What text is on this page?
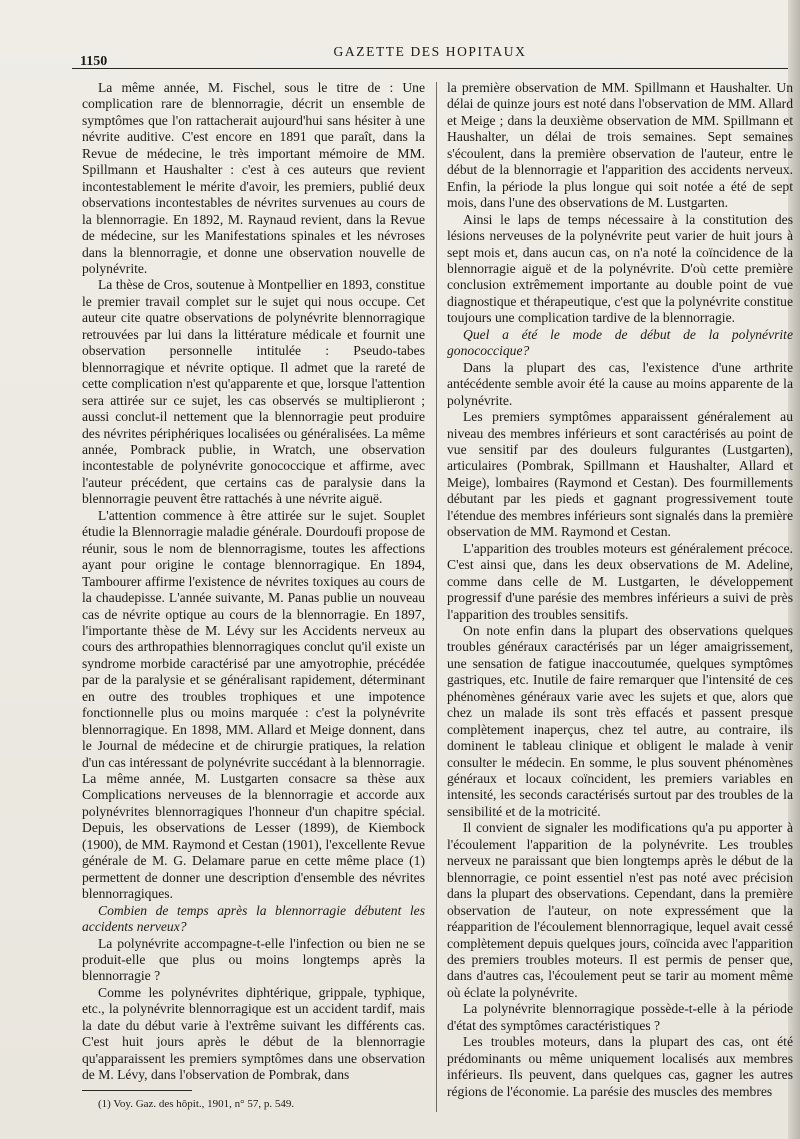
1150
GAZETTE DES HOPITAUX

La même année, M. Fischel, sous le titre de : Une complication rare de blennorragie, décrit un ensemble de symptômes que l'on rattacherait aujourd'hui sans hésiter à une névrite auditive. C'est encore en 1891 que paraît, dans la Revue de médecine, le très important mémoire de MM. Spillmann et Haushalter : c'est à ces auteurs que revient incontestablement le mérite d'avoir, les premiers, publié deux observations incontestables de névrites survenues au cours de la blennorragie. En 1892, M. Raynaud revient, dans la Revue de médecine, sur les Manifestations spinales et les névroses dans la blennorragie, et donne une observation nouvelle de polynévrite.

La thèse de Cros, soutenue à Montpellier en 1893, constitue le premier travail complet sur le sujet qui nous occupe. Cet auteur cite quatre observations de polynévrite blennorragique retrouvées par lui dans la littérature médicale et fournit une observation personnelle intitulée : Pseudo-tabes blennorragique et névrite optique. Il admet que la rareté de cette complication n'est qu'apparente et que, lorsque l'attention sera attirée sur ce sujet, les cas observés se multiplieront ; aussi conclut-il nettement que la blennorragie peut produire des névrites périphériques localisées ou généralisées. La même année, Pombrack publie, in Wratch, une observation incontestable de polynévrite gonococcique et affirme, avec l'auteur précédent, que certains cas de paralysie dans la blennorragie peuvent être rattachés à une névrite aiguë.

L'attention commence à être attirée sur le sujet. Souplet étudie la Blennorragie maladie générale. Dourdoufi propose de réunir, sous le nom de blennorragisme, toutes les affections ayant pour origine le contage blennorragique. En 1894, Tambourer affirme l'existence de névrites toxiques au cours de la chaudepisse. L'année suivante, M. Panas publie un nouveau cas de névrite optique au cours de la blennorragie. En 1897, l'importante thèse de M. Lévy sur les Accidents nerveux au cours des arthropathies blennorragiques conclut qu'il existe un syndrome morbide caractérisé par une amyotrophie, précédée par de la paralysie et se généralisant rapidement, déterminant en outre des troubles trophiques et une impotence fonctionnelle plus ou moins marquée : c'est la polynévrite blennorragique. En 1898, MM. Allard et Meige donnent, dans le Journal de médecine et de chirurgie pratiques, la relation d'un cas intéressant de polynévrite succédant à la blennorragie. La même année, M. Lustgarten consacre sa thèse aux Complications nerveuses de la blennorragie et accorde aux polynévrites blennorragiques l'honneur d'un chapitre spécial. Depuis, les observations de Lesser (1899), de Kiembock (1900), de MM. Raymond et Cestan (1901), l'excellente Revue générale de M. G. Delamare parue en cette même place (1) permettent de donner une description d'ensemble des névrites blennorragiques.

Combien de temps après la blennorragie débutent les accidents nerveux?

La polynévrite accompagne-t-elle l'infection ou bien ne se produit-elle que plus ou moins longtemps après la blennorragie ?

Comme les polynévrites diphtérique, grippale, typhique, etc., la polynévrite blennorragique est un accident tardif, mais la date du début varie à l'extrême suivant les différents cas. C'est huit jours après le début de la blennorragie qu'apparaissent les premiers symptômes dans une observation de M. Lévy, dans l'observation de Pombrak, dans

(1) Voy. Gaz. des hôpit., 1901, n° 57, p. 549.

la première observation de MM. Spillmann et Haushalter. Un délai de quinze jours est noté dans l'observation de MM. Allard et Meige ; dans la deuxième observation de MM. Spillmann et Haushalter, un délai de trois semaines. Sept semaines s'écoulent, dans la première observation de l'auteur, entre le début de la blennorragie et l'apparition des accidents nerveux. Enfin, la période la plus longue qui soit notée a été de sept mois, dans l'une des observations de M. Lustgarten.

Ainsi le laps de temps nécessaire à la constitution des lésions nerveuses de la polynévrite peut varier de huit jours à sept mois et, dans aucun cas, on n'a noté la coïncidence de la blennorragie aiguë et de la polynévrite. D'où cette première conclusion extrêmement importante au double point de vue diagnostique et thérapeutique, c'est que la polynévrite constitue toujours une complication tardive de la blennorragie.

Quel a été le mode de début de la polynévrite gonococcique?

Dans la plupart des cas, l'existence d'une arthrite antécédente semble avoir été la cause au moins apparente de la polynévrite.

Les premiers symptômes apparaissent généralement au niveau des membres inférieurs et sont caractérisés au point de vue sensitif par des douleurs fulgurantes (Lustgarten), articulaires (Pombrak, Spillmann et Haushalter, Allard et Meige), lombaires (Raymond et Cestan). Des fourmillements débutant par les pieds et gagnant progressivement toute l'étendue des membres inférieurs sont signalés dans la première observation de MM. Raymond et Cestan.

L'apparition des troubles moteurs est généralement précoce. C'est ainsi que, dans les deux observations de M. Adeline, comme dans celle de M. Lustgarten, le développement progressif d'une parésie des membres inférieurs a suivi de près l'apparition des troubles sensitifs.

On note enfin dans la plupart des observations quelques troubles généraux caractérisés par un léger amaigrissement, une sensation de fatigue inaccoutumée, quelques symptômes gastriques, etc. Inutile de faire remarquer que l'intensité de ces phénomènes généraux varie avec les sujets et que, alors que chez un malade ils sont très effacés et passent presque complètement inaperçus, chez tel autre, au contraire, ils dominent le tableau clinique et obligent le malade à venir consulter le médecin. En somme, le plus souvent phénomènes généraux et locaux coïncident, les premiers variables en intensité, les seconds caractérisés surtout par des troubles de la sensibilité et de la motricité.

Il convient de signaler les modifications qu'a pu apporter à l'écoulement l'apparition de la polynévrite. Les troubles nerveux ne paraissant que bien longtemps après le début de la blennorragie, ce point essentiel n'est pas noté avec précision dans la plupart des observations. Cependant, dans la première observation de l'auteur, on note expressément que la réapparition de l'écoulement blennorragique, lequel avait cessé complètement depuis quelques jours, coïncida avec l'apparition des premiers troubles moteurs. Il est permis de penser que, dans d'autres cas, l'écoulement peut se tarir au moment même où éclate la polynévrite.

La polynévrite blennorragique possède-t-elle à la période d'état des symptômes caractéristiques ?

Les troubles moteurs, dans la plupart des cas, ont été prédominants ou même uniquement localisés aux membres inférieurs. Ils peuvent, dans quelques cas, gagner les autres régions de l'économie. La parésie des muscles des membres
